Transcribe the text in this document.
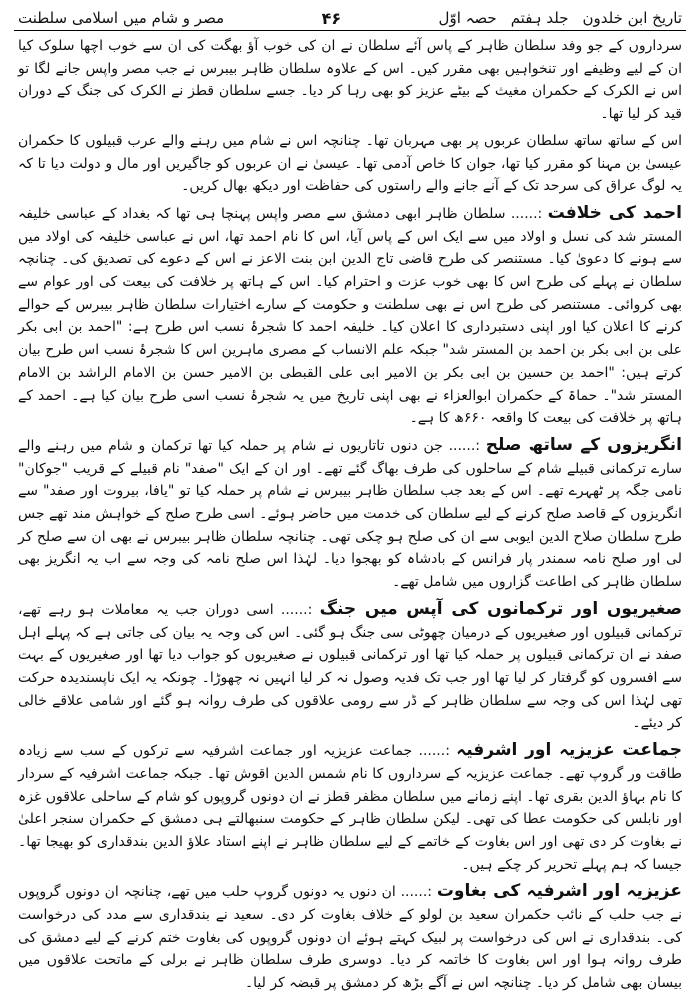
تاریخ ابن خلدون
جلد ہفتم
حصہ اوّل
۴۶
مصر و شام میں اسلامی سلطنت

سرداروں کے جو وفد سلطان ظاہر کے پاس آئے سلطان نے ان کی خوب آؤ بھگت کی ان سے خوب اچھا سلوک کیا ان کے لیے وظیفے اور تنخواہیں بھی مقرر کیں۔ اس کے علاوہ سلطان ظاہر بیبرس نے جب مصر واپس جانے لگا تو اس نے الکرک کے حکمران مغیث کے بیٹے عزیز کو بھی رہا کر دیا۔ جسے سلطان قطز نے الکرک کی جنگ کے دوران قید کر لیا تھا۔

اس کے ساتھ ساتھ سلطان عربوں پر بھی مہربان تھا۔ چنانچہ اس نے شام میں رہنے والے عرب قبیلوں کا حکمران عیسیٰ بن مہنا کو مقرر کیا تھا، جوان کا خاص آدمی تھا۔ عیسیٰ نے ان عربوں کو جاگیریں اور مال و دولت دیا تا کہ یہ لوگ عراق کی سرحد تک کے آنے جانے والے راستوں کی حفاظت اور دیکھ بھال کریں۔

احمد کی خلافت :...... سلطان ظاہر ابھی دمشق سے مصر واپس پہنچا ہی تھا کہ بغداد کے عباسی خلیفہ المستر شد کی نسل و اولاد میں سے ایک اس کے پاس آیا، اس کا نام احمد تھا، اس نے عباسی خلیفہ کی اولاد میں سے ہونے کا دعویٰ کیا۔ مستنصر کی طرح قاضی تاج الدین ابن بنت الاعز نے اس کے دعوے کی تصدیق کی۔ چنانچہ سلطان نے پہلے کی طرح اس کا بھی خوب عزت و احترام کیا۔ اس کے ہاتھ پر خلافت کی بیعت کی اور عوام سے بھی کروائی۔ مستنصر کی طرح اس نے بھی سلطنت و حکومت کے سارے اختیارات سلطان ظاہر بیبرس کے حوالے کرنے کا اعلان کیا اور اپنی دستبرداری کا اعلان کیا۔ خلیفہ احمد کا شجرۂ نسب اس طرح ہے: "احمد بن ابی بکر علی بن ابی بکر بن احمد بن المستر شد" جبکہ علم الانساب کے مصری ماہرین اس کا شجرۂ نسب اس طرح بیان کرتے ہیں: "احمد بن حسین بن ابی بکر بن الامیر ابی علی القبطی بن الامیر حسن بن الامام الراشد بن الامام المستر شد"۔ حماۃ کے حکمران ابوالعزاء نے بھی اپنی تاریخ میں یہ شجرۂ نسب اسی طرح بیان کیا ہے۔ احمد کے ہاتھ پر خلافت کی بیعت کا واقعہ ۶۶۰ھ کا ہے۔

انگریزوں کے ساتھ صلح :...... جن دنوں تاتاریوں نے شام پر حملہ کیا تھا ترکمان و شام میں رہنے والے سارے ترکمانی قبیلے شام کے ساحلوں کی طرف بھاگ گئے تھے۔ اور ان کے ایک "صفد" نام قبیلے کے قریب "جوکان" نامی جگہ پر ٹھہرے تھے۔ اس کے بعد جب سلطان ظاہر بیبرس نے شام پر حملہ کیا تو "یافا، بیروت اور صفد" سے انگریزوں کے قاصد صلح کرنے کے لیے سلطان کی خدمت میں حاضر ہوئے۔ اسی طرح صلح کے خواہش مند تھے جس طرح سلطان صلاح الدین ایوبی سے ان کی صلح ہو چکی تھی۔ چنانچہ سلطان ظاہر بیبرس نے بھی ان سے صلح کر لی اور صلح نامہ سمندر پار فرانس کے بادشاہ کو بھجوا دیا۔ لہٰذا اس صلح نامہ کی وجہ سے اب یہ انگریز بھی سلطان ظاہر کی اطاعت گزاروں میں شامل تھے۔

صغیریوں اور ترکمانوں کی آپس میں جنگ :...... اسی دوران جب یہ معاملات ہو رہے تھے، ترکمانی قبیلوں اور صغیریوں کے درمیان چھوٹی سی جنگ ہو گئی۔ اس کی وجہ یہ بیان کی جاتی ہے کہ پہلے اہل صفد نے ان ترکمانی قبیلوں پر حملہ کیا تھا اور ترکمانی قبیلوں نے صغیریوں کو جواب دیا تھا اور صغیریوں کے بہت سے افسروں کو گرفتار کر لیا تھا اور جب تک فدیہ وصول نہ کر لیا انہیں نہ چھوڑا۔ چونکہ یہ ایک ناپسندیدہ حرکت تھی لہٰذا اس کی وجہ سے سلطان ظاہر کے ڈر سے رومی علاقوں کی طرف روانہ ہو گئے اور شامی علاقے خالی کر دیئے۔

جماعت عزیزیہ اور اشرفیہ :...... جماعت عزیزیہ اور جماعت اشرفیہ سے ترکوں کے سب سے زیادہ طاقت ور گروپ تھے۔ جماعت عزیزیہ کے سرداروں کا نام شمس الدین اقوش تھا۔ جبکہ جماعت اشرفیہ کے سردار کا نام بہاؤ الدین بقری تھا۔ اپنے زمانے میں سلطان مظفر قطز نے ان دونوں گروپوں کو شام کے ساحلی علاقوں غزہ اور نابلس کی حکومت عطا کی تھی۔ لیکن سلطان ظاہر کے حکومت سنبھالتے ہی دمشق کے حکمران سنجر اعلیٰ نے بغاوت کر دی تھی اور اس بغاوت کے خاتمے کے لیے سلطان ظاہر نے اپنے استاد علاؤ الدین بندقداری کو بھیجا تھا۔ جیسا کہ ہم پہلے تحریر کر چکے ہیں۔

عزیزیہ اور اشرفیہ کی بغاوت :...... ان دنوں یہ دونوں گروپ حلب میں تھے، چنانچہ ان دونوں گروپوں نے جب حلب کے نائب حکمران سعید بن لولو کے خلاف بغاوت کر دی۔ سعید نے بندقداری سے مدد کی درخواست کی۔ بندقداری نے اس کی درخواست پر لبیک کہتے ہوئے ان دونوں گروپوں کی بغاوت ختم کرنے کے لیے دمشق کی طرف روانہ ہوا اور اس بغاوت کا خاتمہ کر دیا۔ دوسری طرف سلطان ظاہر نے برلی کے ماتحت علاقوں میں بیسان بھی شامل کر دیا۔ چنانچہ اس نے آگے بڑھ کر دمشق پر قبضہ کر لیا۔
